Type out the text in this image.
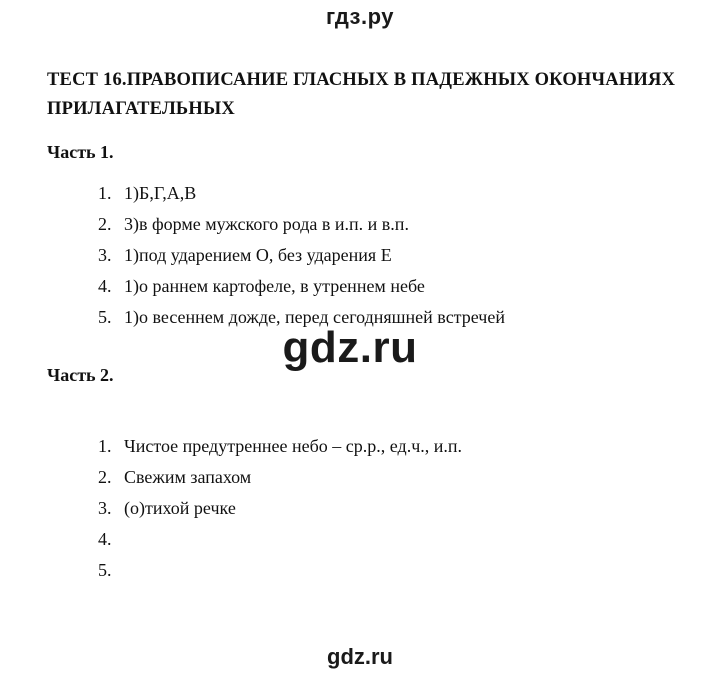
гдз.ру
ТЕСТ 16.ПРАВОПИСАНИЕ ГЛАСНЫХ В ПАДЕЖНЫХ ОКОНЧАНИЯХ ПРИЛАГАТЕЛЬНЫХ
Часть 1.
1. 1)Б,Г,А,В
2. 3)в форме мужского рода в и.п. и в.п.
3. 1)под ударением О, без ударения Е
4. 1)о раннем картофеле, в утреннем небе
5. 1)о весеннем дожде, перед сегодняшней встречей
gdz.ru
Часть 2.
1. Чистое предутреннее небо – ср.р., ед.ч., и.п.
2. Свежим запахом
3. (о)тихой речке
4.
5.
gdz.ru
